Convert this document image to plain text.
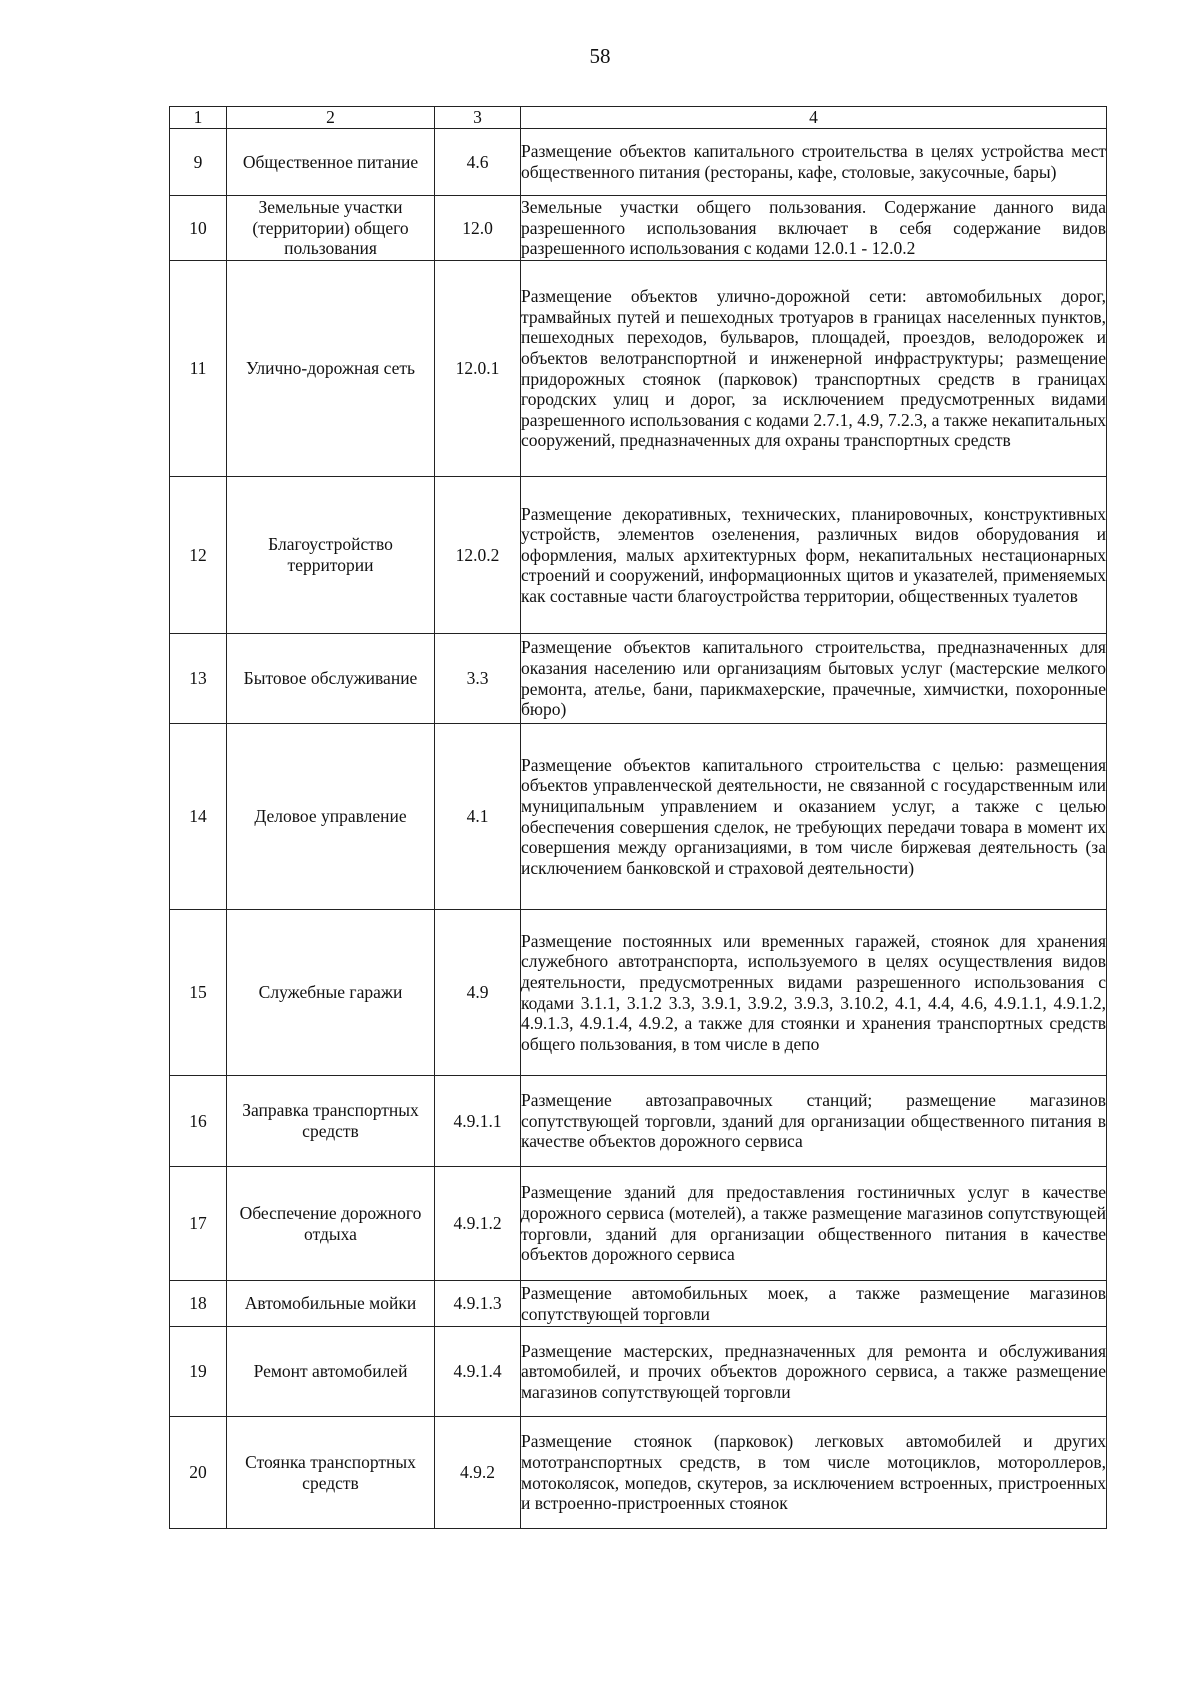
58
1	2	3	4
9	Общественное питание	4.6	Размещение объектов капитального строительства в целях устройства мест общественного питания (рестораны, кафе, столовые, закусочные, бары)
10	Земельные участки (территории) общего пользования	12.0	Земельные участки общего пользования. Содержание данного вида разрешенного использования включает в себя содержание видов разрешенного использования с кодами 12.0.1 - 12.0.2
11	Улично-дорожная сеть	12.0.1	Размещение объектов улично-дорожной сети: автомобильных дорог, трамвайных путей и пешеходных тротуаров в границах населенных пунктов, пешеходных переходов, бульваров, площадей, проездов, велодорожек и объектов велотранспортной и инженерной инфраструктуры; размещение придорожных стоянок (парковок) транспортных средств в границах городских улиц и дорог, за исключением предусмотренных видами разрешенного использования с кодами 2.7.1, 4.9, 7.2.3, а также некапитальных сооружений, предназначенных для охраны транспортных средств
12	Благоустройство территории	12.0.2	Размещение декоративных, технических, планировочных, конструктивных устройств, элементов озеленения, различных видов оборудования и оформления, малых архитектурных форм, некапитальных нестационарных строений и сооружений, информационных щитов и указателей, применяемых как составные части благоустройства территории, общественных туалетов
13	Бытовое обслуживание	3.3	Размещение объектов капитального строительства, предназначенных для оказания населению или организациям бытовых услуг (мастерские мелкого ремонта, ателье, бани, парикмахерские, прачечные, химчистки, похоронные бюро)
14	Деловое управление	4.1	Размещение объектов капитального строительства с целью: размещения объектов управленческой деятельности, не связанной с государственным или муниципальным управлением и оказанием услуг, а также с целью обеспечения совершения сделок, не требующих передачи товара в момент их совершения между организациями, в том числе биржевая деятельность (за исключением банковской и страховой деятельности)
15	Служебные гаражи	4.9	Размещение постоянных или временных гаражей, стоянок для хранения служебного автотранспорта, используемого в целях осуществления видов деятельности, предусмотренных видами разрешенного использования с кодами 3.1.1, 3.1.2 3.3, 3.9.1, 3.9.2, 3.9.3, 3.10.2, 4.1, 4.4, 4.6, 4.9.1.1, 4.9.1.2, 4.9.1.3, 4.9.1.4, 4.9.2, а также для стоянки и хранения транспортных средств общего пользования, в том числе в депо
16	Заправка транспортных средств	4.9.1.1	Размещение автозаправочных станций; размещение магазинов сопутствующей торговли, зданий для организации общественного питания в качестве объектов дорожного сервиса
17	Обеспечение дорожного отдыха	4.9.1.2	Размещение зданий для предоставления гостиничных услуг в качестве дорожного сервиса (мотелей), а также размещение магазинов сопутствующей торговли, зданий для организации общественного питания в качестве объектов дорожного сервиса
18	Автомобильные мойки	4.9.1.3	Размещение автомобильных моек, а также размещение магазинов сопутствующей торговли
19	Ремонт автомобилей	4.9.1.4	Размещение мастерских, предназначенных для ремонта и обслуживания автомобилей, и прочих объектов дорожного сервиса, а также размещение магазинов сопутствующей торговли
20	Стоянка транспортных средств	4.9.2	Размещение стоянок (парковок) легковых автомобилей и других мототранспортных средств, в том числе мотоциклов, мотороллеров, мотоколясок, мопедов, скутеров, за исключением встроенных, пристроенных и встроенно-пристроенных стоянок
